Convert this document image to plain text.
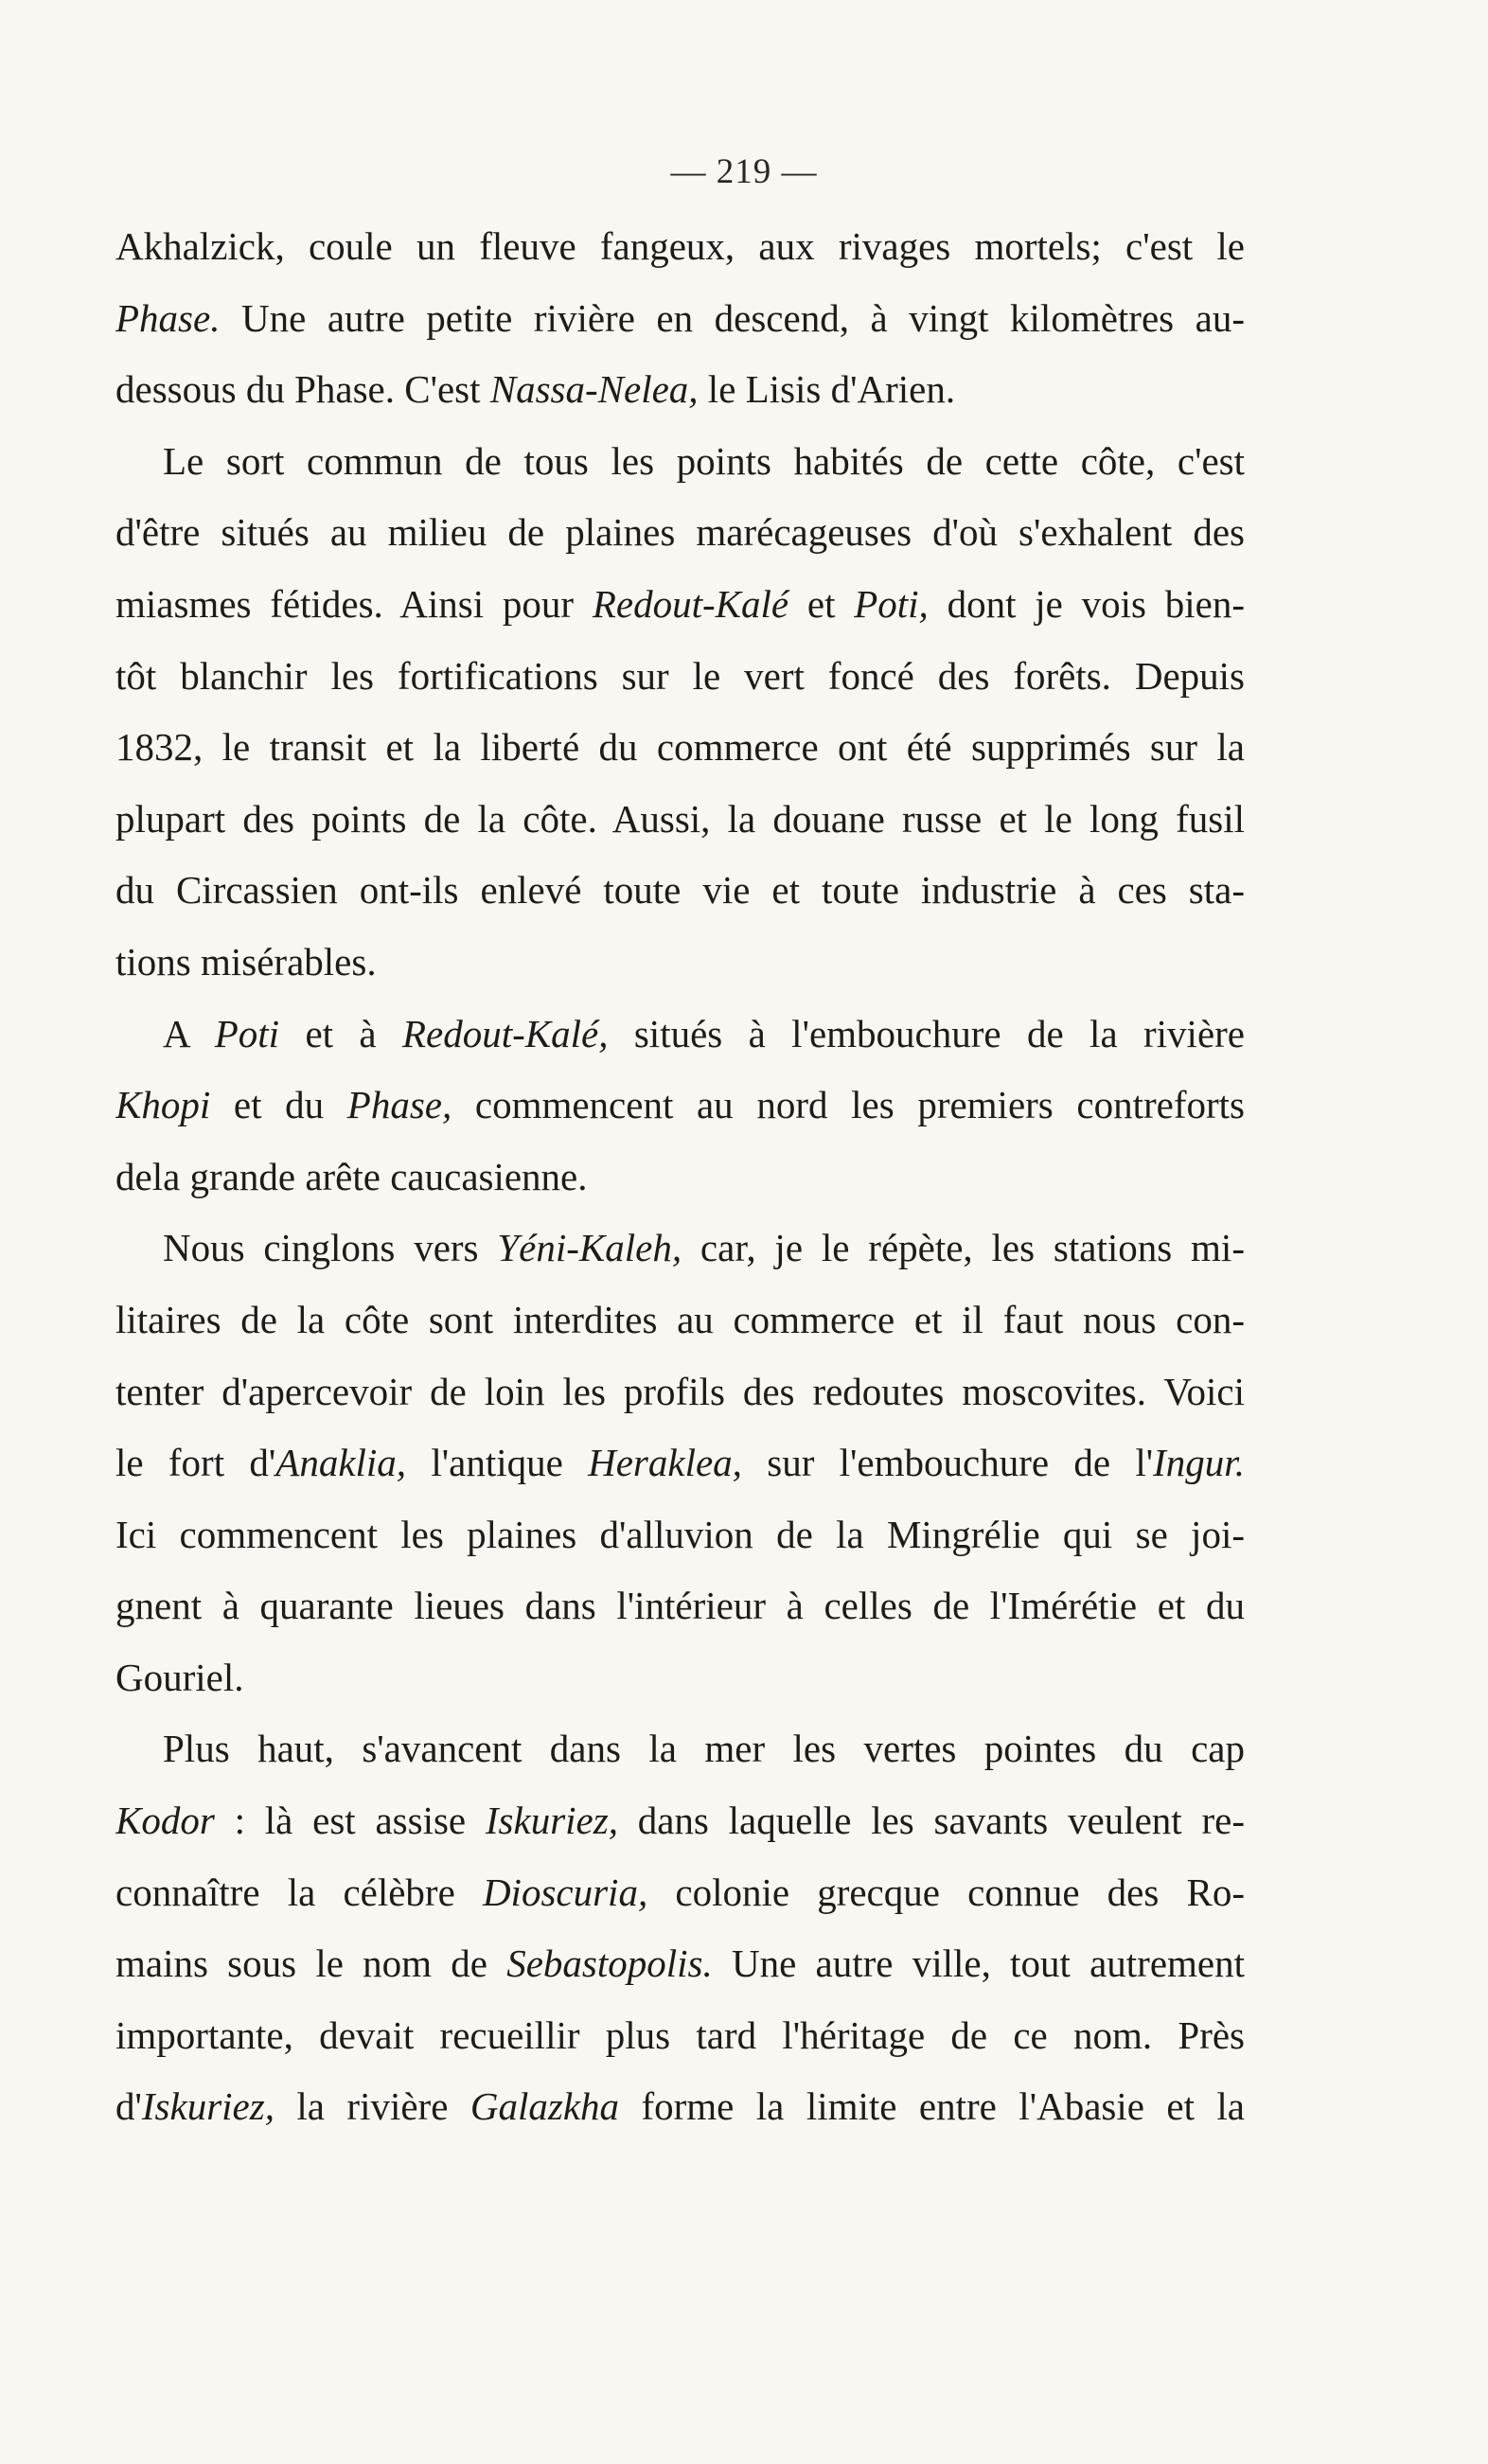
— 219 —
Akhalzick, coule un fleuve fangeux, aux rivages mortels; c'est le
Phase. Une autre petite rivière en descend, à vingt kilomètres au-
dessous du Phase. C'est Nassa-Nelea, le Lisis d'Arien.
Le sort commun de tous les points habités de cette côte, c'est
d'être situés au milieu de plaines marécageuses d'où s'exhalent des
miasmes fétides. Ainsi pour Redout-Kalé et Poti, dont je vois bien-
tôt blanchir les fortifications sur le vert foncé des forêts. Depuis
1832, le transit et la liberté du commerce ont été supprimés sur la
plupart des points de la côte. Aussi, la douane russe et le long fusil
du Circassien ont-ils enlevé toute vie et toute industrie à ces sta-
tions misérables.
A Poti et à Redout-Kalé, situés à l'embouchure de la rivière
Khopi et du Phase, commencent au nord les premiers contreforts
dela grande arête caucasienne.
Nous cinglons vers Yéni-Kaleh, car, je le répète, les stations mi-
litaires de la côte sont interdites au commerce et il faut nous con-
tenter d'apercevoir de loin les profils des redoutes moscovites. Voici
le fort d'Anaklia, l'antique Heraklea, sur l'embouchure de l'Ingur.
Ici commencent les plaines d'alluvion de la Mingrélie qui se joi-
gnent à quarante lieues dans l'intérieur à celles de l'Imérétie et du
Gouriel.
Plus haut, s'avancent dans la mer les vertes pointes du cap
Kodor : là est assise Iskuriez, dans laquelle les savants veulent re-
connaître la célèbre Dioscuria, colonie grecque connue des Ro-
mains sous le nom de Sebastopolis. Une autre ville, tout autrement
importante, devait recueillir plus tard l'héritage de ce nom. Près
d'Iskuriez, la rivière Galazkha forme la limite entre l'Abasie et la
